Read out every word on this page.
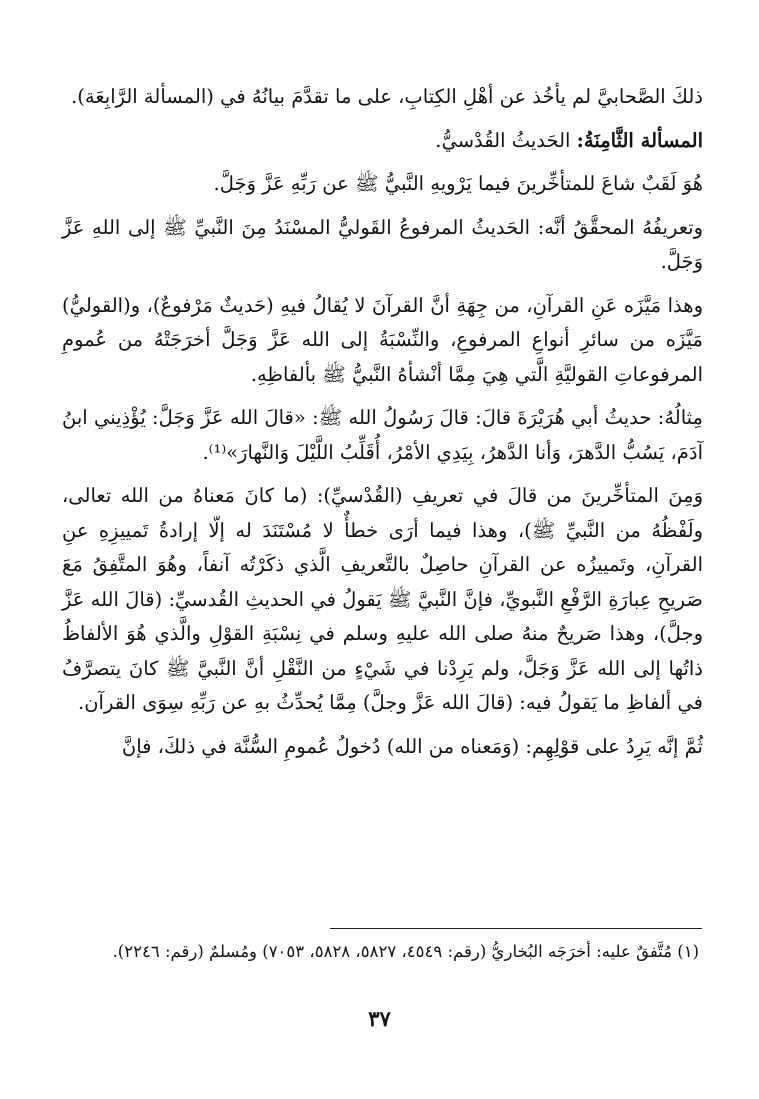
ذلكَ الصَّحابيَّ لم يأخُذ عن أهْلِ الكِتابِ، على ما تقدَّمَ بيانُهُ في (المسألة الرَّابِعَة).

المسألة الثَّامِنَةُ: الحَديثُ القُدْسيُّ.

هُوَ لَقَبٌ شاعَ للمتأخِّرينَ فيما يَرْويهِ النَّبيُّ ﷺ عن رَبِّهِ عَزَّ وَجَلَّ.

وتعريفُهُ المحقَّقُ أنَّه: الحَديثُ المرفوعُ القَوليُّ المسْنَدُ مِنَ النَّبيِّ ﷺ إلى اللهِ عَزَّ وَجَلَّ.

وهذا مَيَّزَه عَنِ القرآنِ، من جِهَةِ أنَّ القرآنَ لا يُقالُ فيهِ (حَديثٌ مَرْفوعٌ)، و(القوليُّ) مَيَّزَه من سائرِ أنواعِ المرفوعِ، والنِّسْبَةُ إلى الله عَزَّ وَجَلَّ أخرَجَتْهُ من عُمومِ المرفوعاتِ القوليَّةِ الَّتي هِيَ مِمَّا أنْشأهُ النَّبيُّ ﷺ بألفاظِهِ.

مِثالُهُ: حديثُ أبي هُرَيْرَةَ قالَ: قالَ رَسُولُ الله ﷺ: «قالَ الله عَزَّ وَجَلَّ: يُؤْذِيني ابنُ آدَمَ، يَسُبُّ الدَّهرَ، وَأنا الدَّهرُ، بِيَدِي الأمْرُ، أُقَلِّبُ اللَّيْلَ وَالنَّهارَ»⁽¹⁾.

وَمِنَ المتأخِّرينَ من قالَ في تعريفِ (القُدْسيِّ): (ما كانَ مَعناهُ من الله تعالى، ولَفْظُهُ من النَّبيِّ ﷺ)، وهذا فيما أرَى خطأٌ لا مُسْتَنَدَ له إلّا إرادةُ تَمييزِهِ عنِ القرآنِ، وتَمييزُه عن القرآنِ حاصِلٌ بالتَّعريفِ الَّذي ذكَرْتُه آنفاً، وهُوَ المتَّفِقُ مَعَ صَريحِ عِبارَةِ الرَّفْعِ النَّبويِّ، فإنَّ النَّبيَّ ﷺ يَقولُ في الحديثِ القُدسيِّ: (قالَ الله عَزَّ وجلَّ)، وهذا صَريحٌ منهُ صلى الله عليهِ وسلم في نِسْبَةِ القوْلِ والَّذي هُوَ الألفاظُ ذاتُها إلى الله عَزَّ وَجَلَّ، ولم يَرِدْنا في شَيْءٍ من النَّقْلِ أنَّ النَّبيَّ ﷺ كانَ يتصرَّفُ في ألفاظِ ما يَقولُ فيه: (قالَ الله عَزَّ وجلَّ) مِمَّا يُحدِّثُ بهِ عن رَبِّهِ سِوَى القرآن.

ثُمَّ إنَّه يَرِدُ على قوْلِهِم: (وَمَعناه من الله) دُخولُ عُمومِ السُّنَّة في ذلكَ، فإنَّ

(١) مُتَّفقٌ عليه: أخرَجَه البُخاريُّ (رقم: ٤٥٤٩، ٥٨٢٧، ٥٨٢٨، ٧٠٥٣) ومُسلمٌ (رقم: ٢٢٤٦).
٣٧
